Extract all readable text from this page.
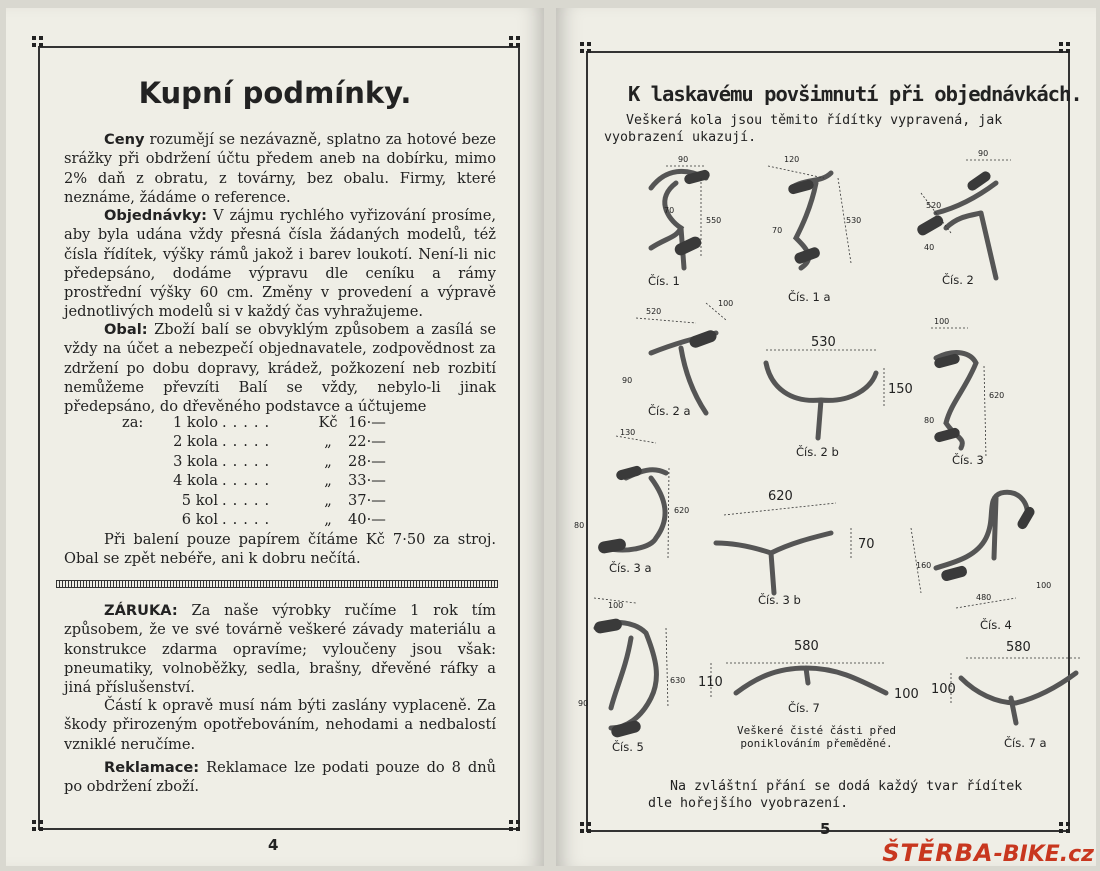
Kupní podmínky.
Ceny rozumějí se nezávazně, splatno za hotové beze srážky při obdržení účtu předem aneb na dobírku, mimo 2% daň z obratu, z továrny, bez obalu. Firmy, které neznáme, žádáme o reference.
Objednávky: V zájmu rychlého vyřizování prosíme, aby byla udána vždy přesná čísla žádaných modelů, též čísla řídítek, výšky rámů jakož i barev loukotí. Není-li nic předepsáno, dodáme výpravu dle ceníku a rámy prostřední výšky 60 cm. Změny v provedení a výpravě jednotlivých modelů si v každý čas vyhražujeme.
Obal: Zboží balí se obvyklým způsobem a zasílá se vždy na účet a nebezpečí objednavatele, zodpovědnost za zdržení po dobu dopravy, krádež, požkození neb rozbití nemůžeme převzíti Balí se vždy, nebylo-li jinak předepsáno, do dřevěného podstavce a účtujeme
za:	1 kolo .....	Kč 16·—
2 kola .....	„	22·—
3 kola .....	„	28·—
4 kola .....	„	33·—
5 kol .....	„	37·—
6 kol .....	„	40·—
Při balení pouze papírem čítáme Kč 7·50 za stroj. Obal se zpět nebéře, ani k dobru nečítá.
ZÁRUKA: Za naše výrobky ručíme 1 rok tím způsobem, že ve své továrně veškeré závady materiálu a konstrukce zdarma opravíme; vyloučeny jsou však: pneumatiky, volnoběžky, sedla, brašny, dřevěné ráfky a jiná příslušenství.
Částí k opravě musí nám býti zaslány vyplaceně. Za škody přirozeným opotřebováním, nehodami a nedbalostí vzniklé neručíme.
Reklamace: Reklamace lze podati pouze do 8 dnů po obdržení zboží.
4
K laskavému povšimnutí při objednávkách.
Veškerá kola jsou těmito řídítky vypravená, jak vyobrazení ukazují.
90
70
550
120
70
530
90
520
40
520
100
90
530
150
100
80
620
130
80
620
620
70
160
480
100
100
90
630
580
110
100
580
100
Čís. 1
Čís. 1 a
Čís. 2
Čís. 2 a
Čís. 2 b
Čís. 3
Čís. 3 a
Čís. 3 b
Čís. 4
Čís. 5
Čís. 7
Čís. 7 a
Veškeré čisté části před poniklováním přeměděné.
Na zvláštní přání se dodá každý tvar řídítek dle hořejšího vyobrazení.
5
ŠTĚRBA-BIKE.cz
